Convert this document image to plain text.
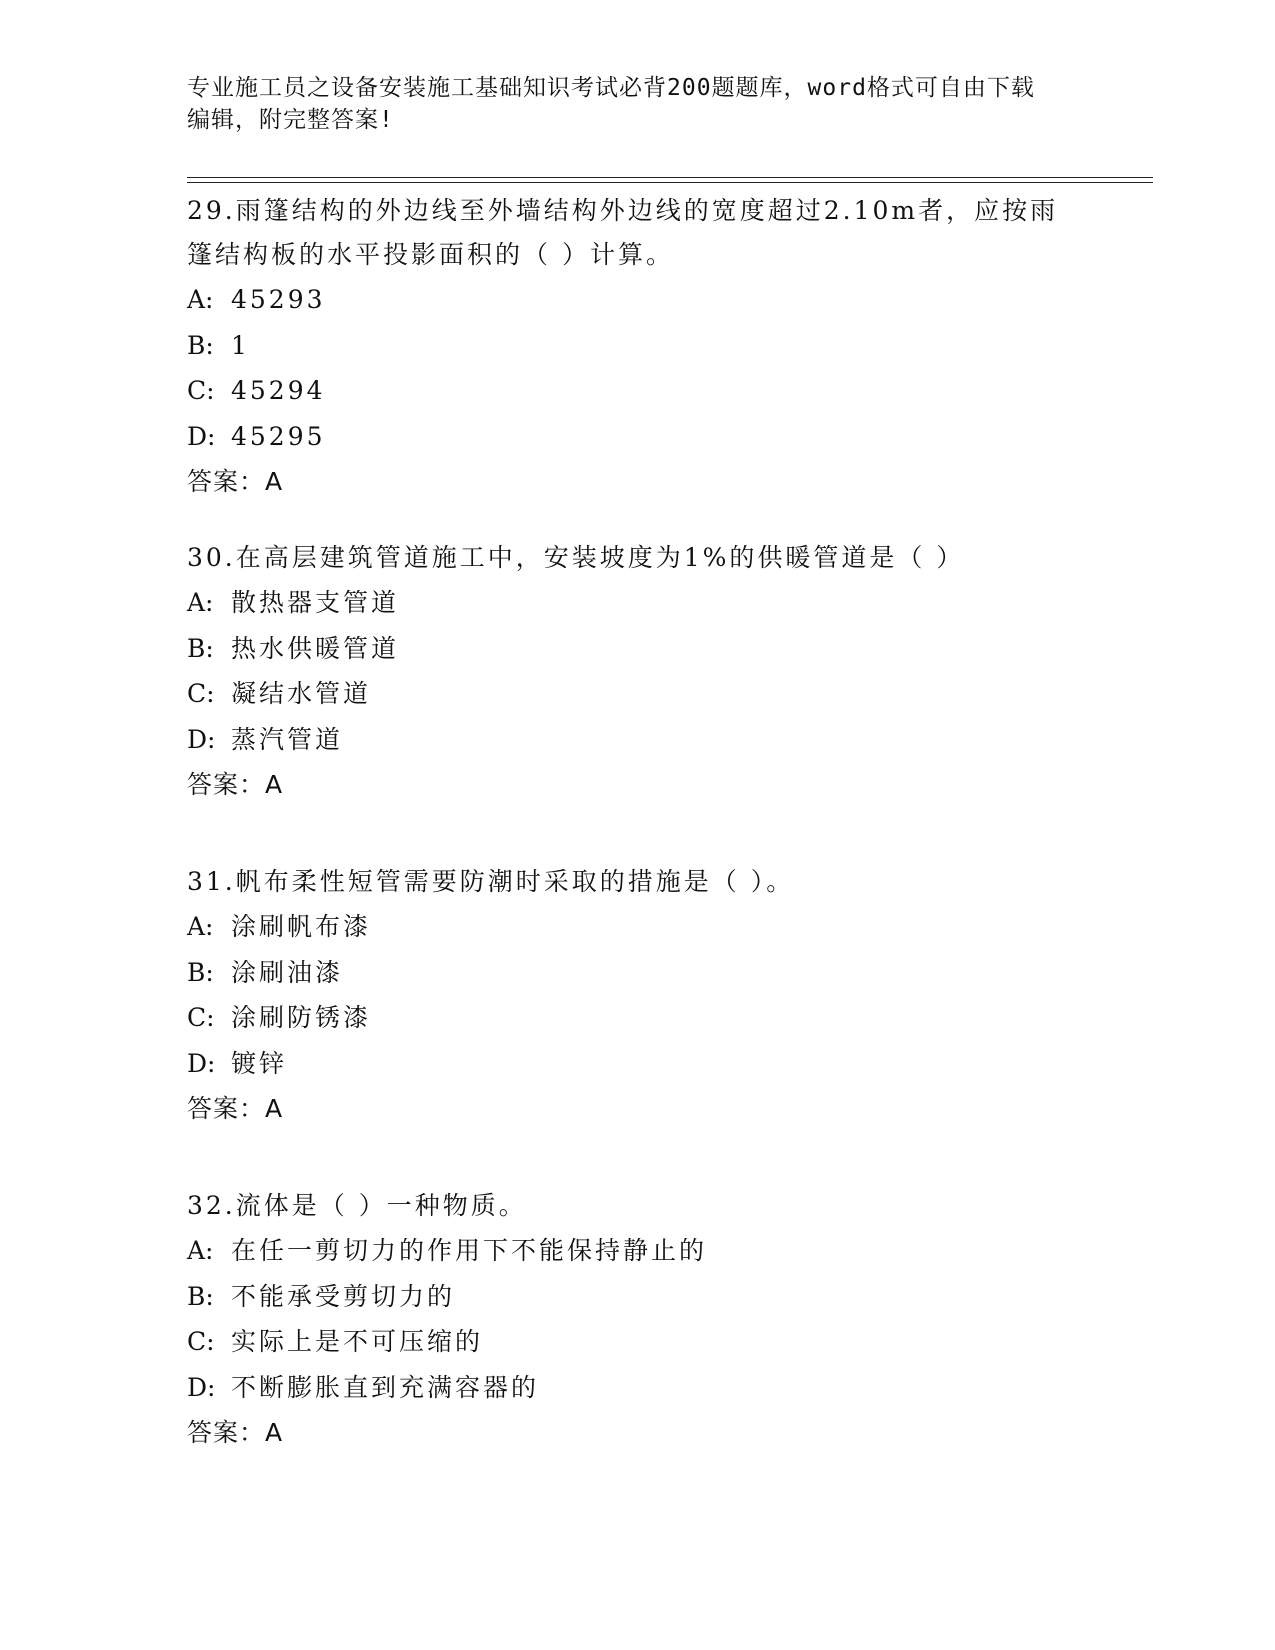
专业施工员之设备安装施工基础知识考试必背200题题库，word格式可自由下载
编辑，附完整答案!
29.雨篷结构的外边线至外墙结构外边线的宽度超过2.10m者，应按雨
篷结构板的水平投影面积的（ ）计算。
A: 45293
B: 1
C: 45294
D: 45295
答案：A
30.在高层建筑管道施工中，安装坡度为1%的供暖管道是（ ）
A: 散热器支管道
B: 热水供暖管道
C: 凝结水管道
D: 蒸汽管道
答案：A
31.帆布柔性短管需要防潮时采取的措施是（ ）。
A: 涂刷帆布漆
B: 涂刷油漆
C: 涂刷防锈漆
D: 镀锌
答案：A
32.流体是（ ）一种物质。
A: 在任一剪切力的作用下不能保持静止的
B: 不能承受剪切力的
C: 实际上是不可压缩的
D: 不断膨胀直到充满容器的
答案：A
